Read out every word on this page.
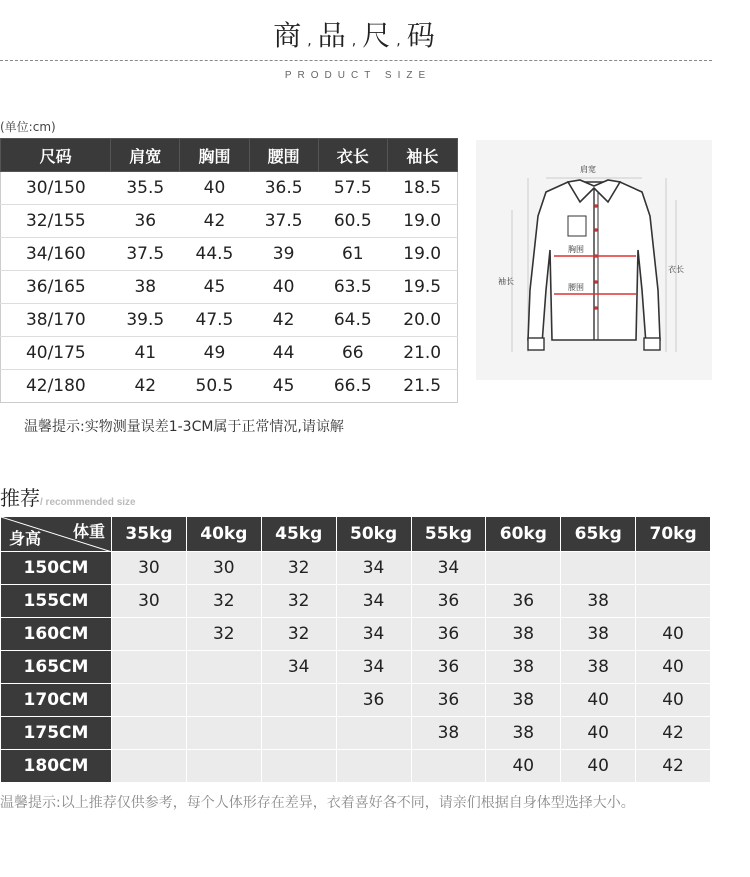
商 , 品 , 尺 , 码
PRODUCT SIZE
(单位:cm)
尺码	肩宽	胸围	腰围	衣长	袖长
30/150	35.5	40	36.5	57.5	18.5
32/155	36	42	37.5	60.5	19.0
34/160	37.5	44.5	39	61	19.0
36/165	38	45	40	63.5	19.5
38/170	39.5	47.5	42	64.5	20.0
40/175	41	49	44	66	21.0
42/180	42	50.5	45	66.5	21.5
肩宽
胸围
腰围
袖长
衣长
温馨提示:实物测量误差1-3CM属于正常情况,请谅解
推荐/ recommended size
体重
身高	35kg	40kg	45kg	50kg	55kg	60kg	65kg	70kg
150CM	30	30	32	34	34			
155CM	30	32	32	34	36	36	38	
160CM		32	32	34	36	38	38	40
165CM			34	34	36	38	38	40
170CM				36	36	38	40	40
175CM					38	38	40	42
180CM						40	40	42
温馨提示:以上推荐仅供参考，每个人体形存在差异，衣着喜好各不同，请亲们根据自身体型选择大小。
